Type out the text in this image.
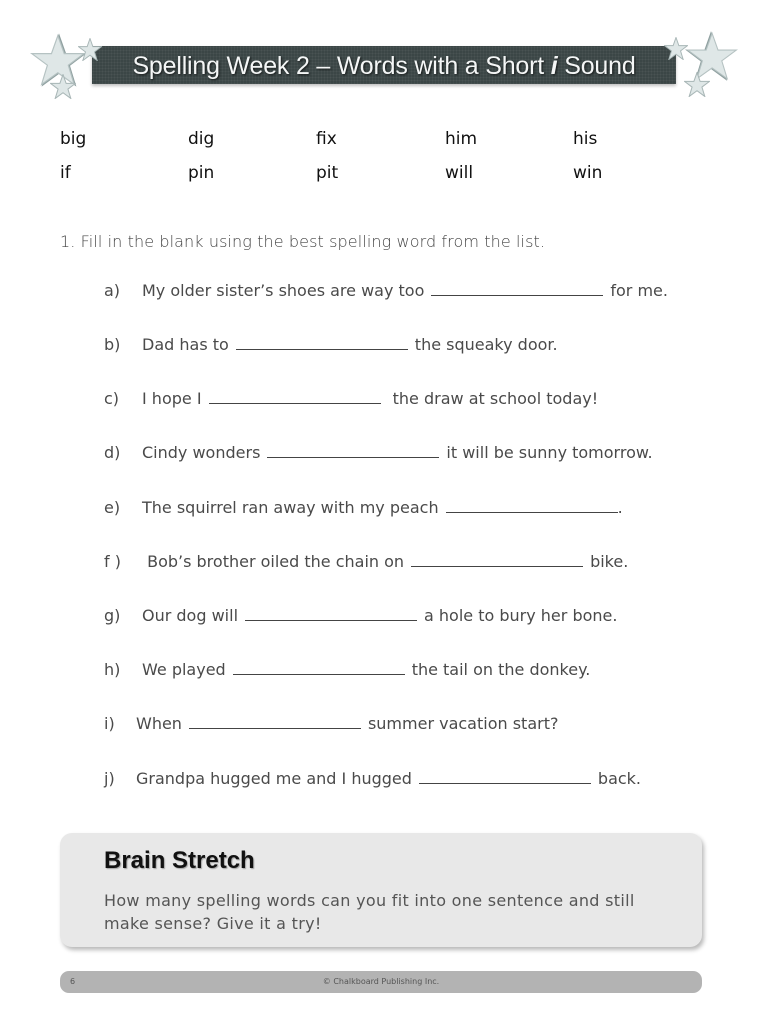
Spelling Week 2 – Words with a Short i Sound
big	dig	fix	him	his
if	pin	pit	will	win
1. Fill in the blank using the best spelling word from the list.
a)	My older sister’s shoes are way too	for me.
b)	Dad has to	the squeaky door.
c)	I hope I	the draw at school today!
d)	Cindy wonders	it will be sunny tomorrow.
e)	The squirrel ran away with my peach	.
f )	Bob’s brother oiled the chain on	bike.
g)	Our dog will	a hole to bury her bone.
h)	We played	the tail on the donkey.
i)	When	summer vacation start?
j)	Grandpa hugged me and I hugged	back.
Brain Stretch
How many spelling words can you fit into one sentence and still make sense? Give it a try!
6	© Chalkboard Publishing Inc.
